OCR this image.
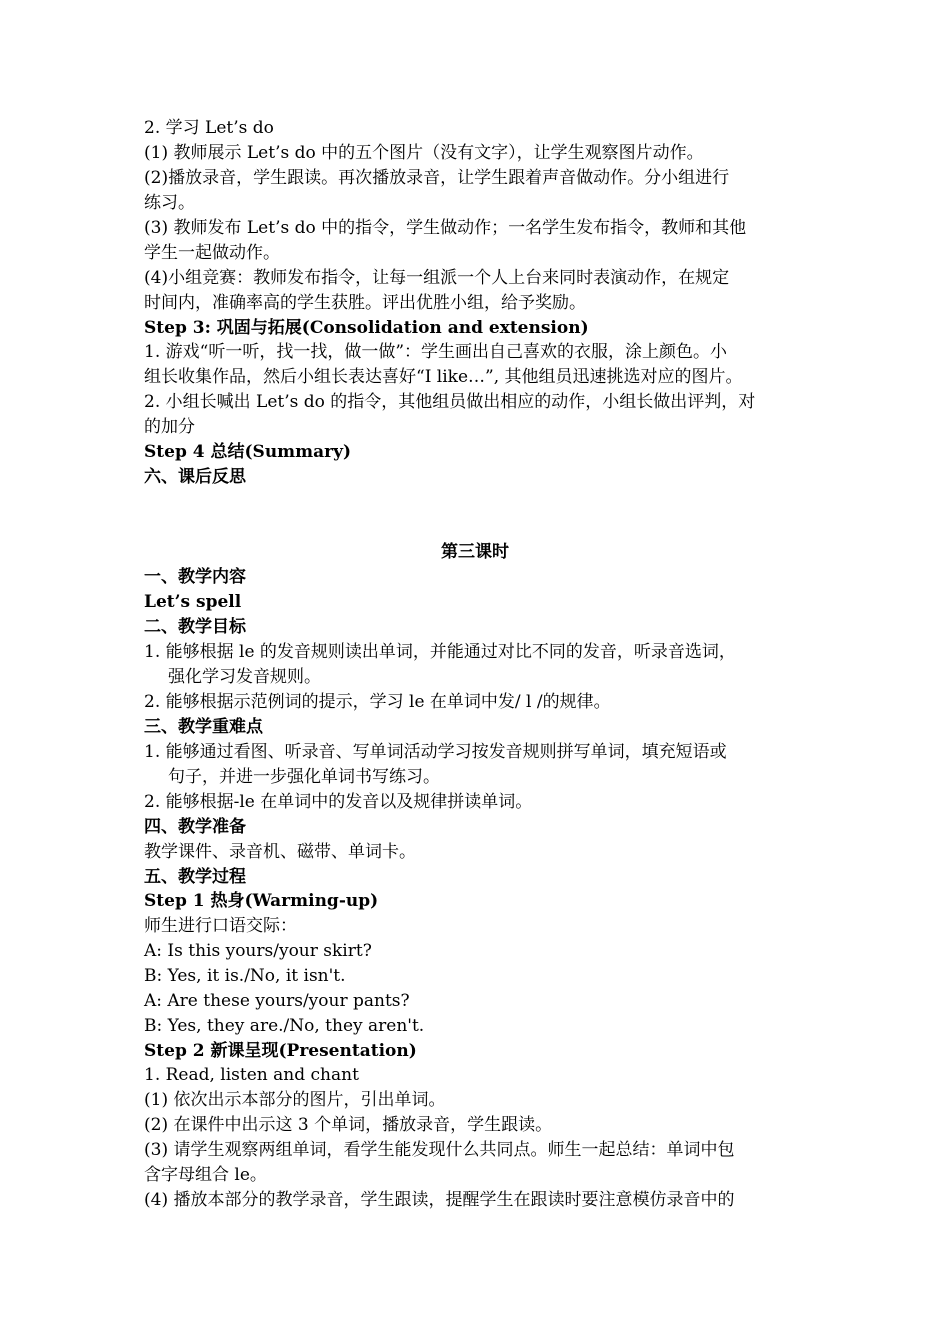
2. 学习 Let’s do
(1) 教师展示 Let’s do 中的五个图片（没有文字），让学生观察图片动作。
(2)播放录音，学生跟读。再次播放录音，让学生跟着声音做动作。分小组进行
练习。
(3) 教师发布 Let’s do 中的指令，学生做动作；一名学生发布指令，教师和其他
学生一起做动作。
(4)小组竞赛：教师发布指令，让每一组派一个人上台来同时表演动作，在规定
时间内，准确率高的学生获胜。评出优胜小组，给予奖励。
Step 3: 巩固与拓展(Consolidation and extension)
1. 游戏“听一听，找一找，做一做”：学生画出自己喜欢的衣服，涂上颜色。小
组长收集作品，然后小组长表达喜好“I like…”, 其他组员迅速挑选对应的图片。
2. 小组长喊出 Let’s do 的指令，其他组员做出相应的动作，小组长做出评判，对
的加分
Step 4 总结(Summary)
六、课后反思
第三课时
一、教学内容
Let’s spell
二、教学目标
1. 能够根据 le 的发音规则读出单词，并能通过对比不同的发音，听录音选词，
强化学习发音规则。
2. 能够根据示范例词的提示，学习 le 在单词中发/ l /的规律。
三、教学重难点
1. 能够通过看图、听录音、写单词活动学习按发音规则拼写单词，填充短语或
句子，并进一步强化单词书写练习。
2. 能够根据-le 在单词中的发音以及规律拼读单词。
四、教学准备
教学课件、录音机、磁带、单词卡。
五、教学过程
Step 1 热身(Warming-up)
师生进行口语交际：
A: Is this yours/your skirt?
B: Yes, it is./No, it isn't.
A: Are these yours/your pants?
B: Yes, they are./No, they aren't.
Step 2 新课呈现(Presentation)
1. Read, listen and chant
(1) 依次出示本部分的图片，引出单词。
(2) 在课件中出示这 3 个单词，播放录音，学生跟读。
(3) 请学生观察两组单词，看学生能发现什么共同点。师生一起总结：单词中包
含字母组合 le。
(4) 播放本部分的教学录音，学生跟读，提醒学生在跟读时要注意模仿录音中的
